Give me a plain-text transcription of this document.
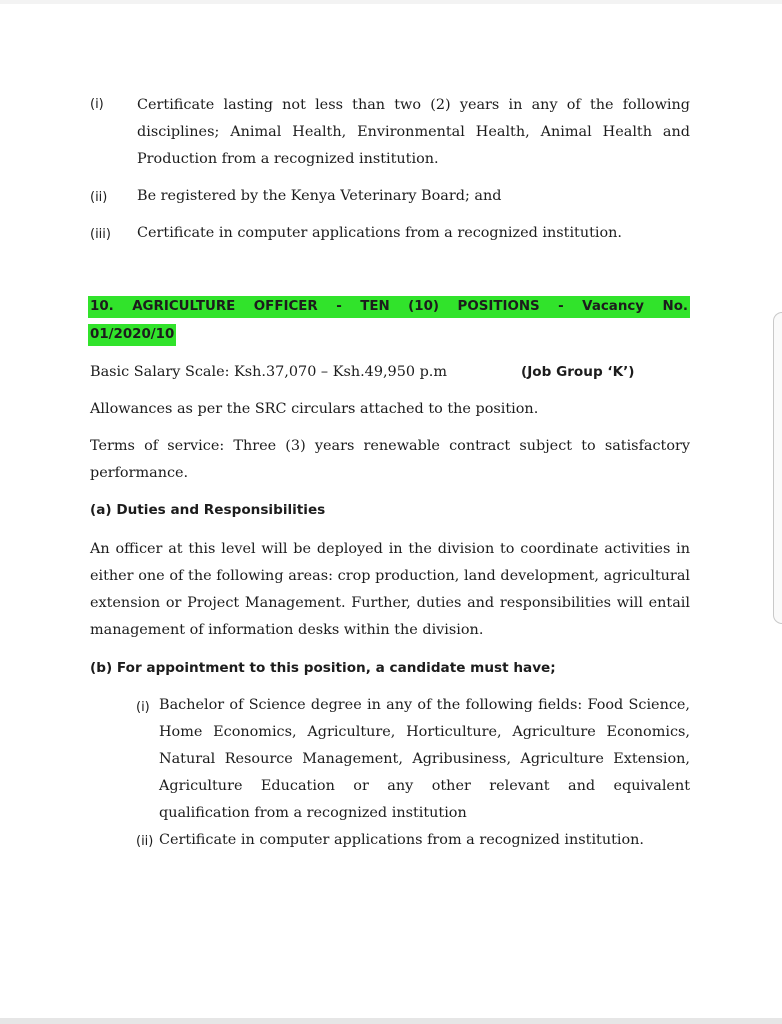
(i) Certificate lasting not less than two (2) years in any of the following
disciplines; Animal Health, Environmental Health, Animal Health and
Production from a recognized institution.
(ii) Be registered by the Kenya Veterinary Board; and
(iii) Certificate in computer applications from a recognized institution.
10. AGRICULTURE OFFICER - TEN (10) POSITIONS - Vacancy No.
01/2020/10
Basic Salary Scale: Ksh.37,070 – Ksh.49,950 p.m	(Job Group ‘K’)
Allowances as per the SRC circulars attached to the position.
Terms of service: Three (3) years renewable contract subject to satisfactory
performance.
(a) Duties and Responsibilities
An officer at this level will be deployed in the division to coordinate activities in
either one of the following areas: crop production, land development, agricultural
extension or Project Management. Further, duties and responsibilities will entail
management of information desks within the division.
(b) For appointment to this position, a candidate must have;
(i) Bachelor of Science degree in any of the following fields: Food Science,
Home Economics, Agriculture, Horticulture, Agriculture Economics,
Natural Resource Management, Agribusiness, Agriculture Extension,
Agriculture Education or any other relevant and equivalent
qualification from a recognized institution
(ii) Certificate in computer applications from a recognized institution.
